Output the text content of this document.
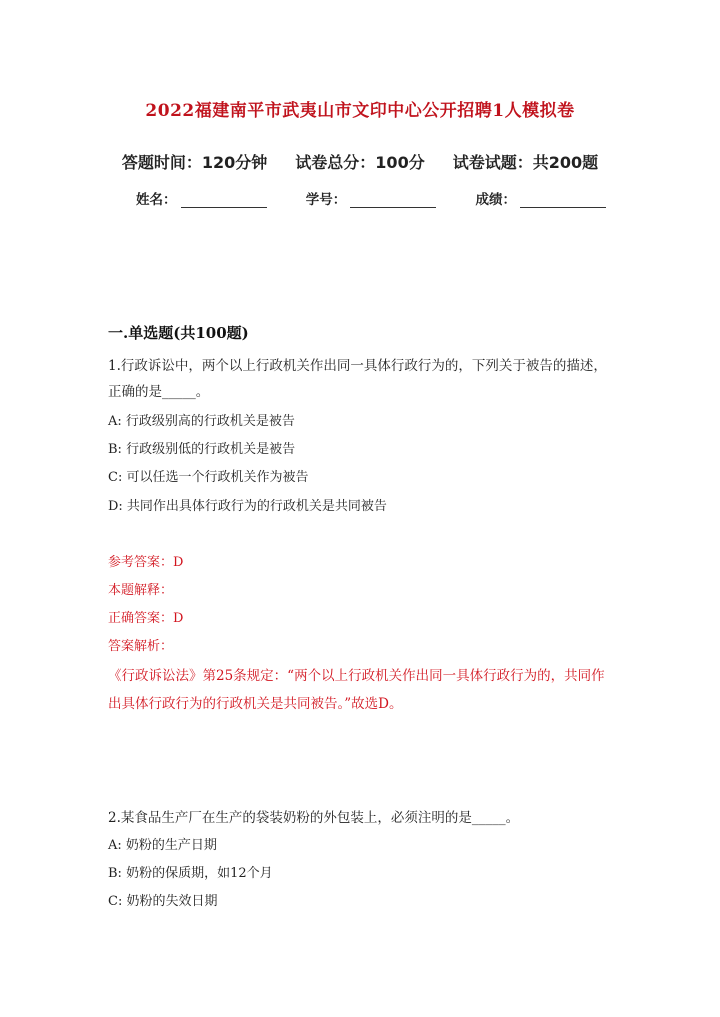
2022福建南平市武夷山市文印中心公开招聘1人模拟卷
答题时间：120分钟 试卷总分：100分 试卷试题：共200题
姓名：	学号：	成绩：
一.单选题(共100题)
1.行政诉讼中，两个以上行政机关作出同一具体行政行为的，下列关于被告的描述，正确的是_____。
A: 行政级别高的行政机关是被告
B: 行政级别低的行政机关是被告
C: 可以任选一个行政机关作为被告
D: 共同作出具体行政行为的行政机关是共同被告
参考答案：D
本题解释：
正确答案：D
答案解析：
《行政诉讼法》第25条规定：“两个以上行政机关作出同一具体行政行为的，共同作出具体行政行为的行政机关是共同被告。”故选D。
2.某食品生产厂在生产的袋装奶粉的外包装上，必须注明的是_____。
A: 奶粉的生产日期
B: 奶粉的保质期，如12个月
C: 奶粉的失效日期
